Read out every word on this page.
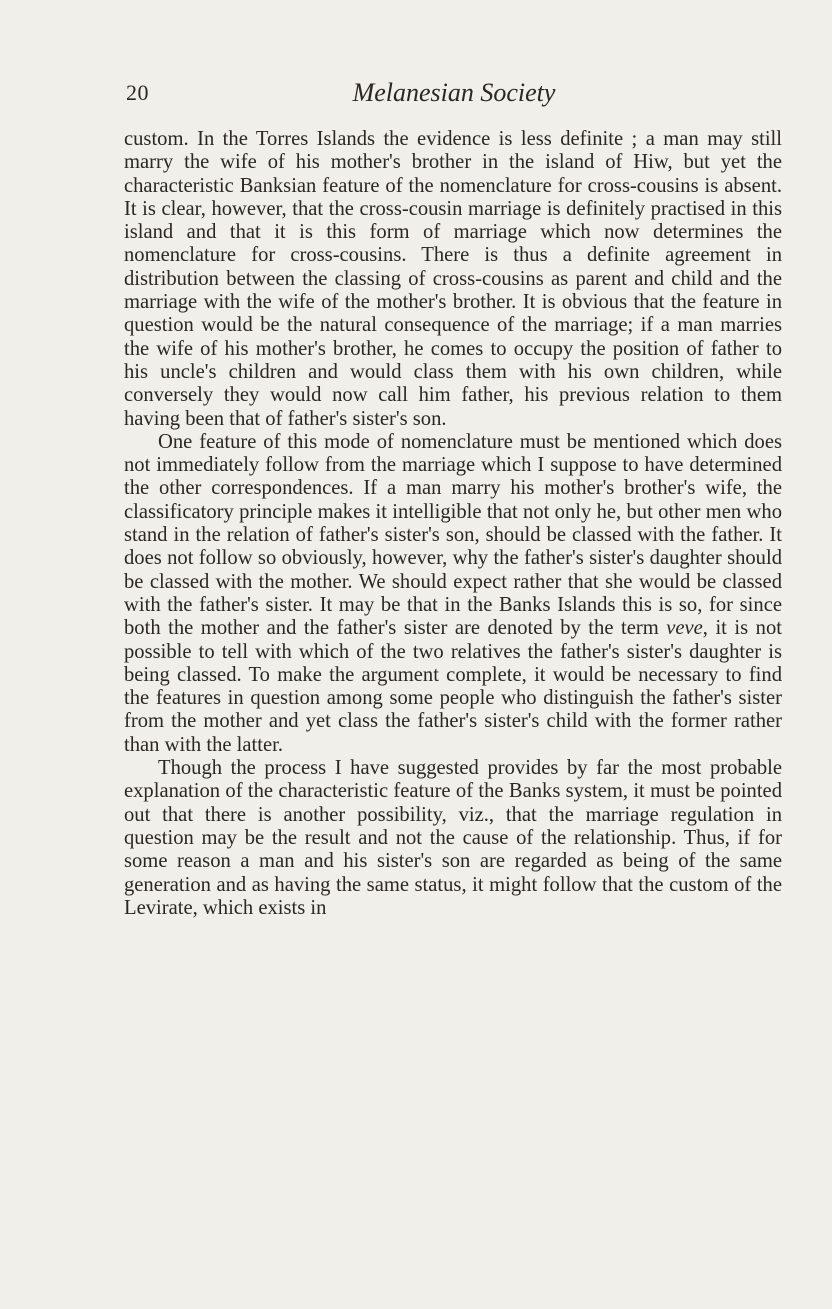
20	Melanesian Society

custom. In the Torres Islands the evidence is less definite ; a man may still marry the wife of his mother's brother in the island of Hiw, but yet the characteristic Banksian feature of the nomenclature for cross-cousins is absent. It is clear, however, that the cross-cousin marriage is definitely practised in this island and that it is this form of marriage which now determines the nomenclature for cross-cousins. There is thus a definite agreement in distribution between the classing of cross-cousins as parent and child and the marriage with the wife of the mother's brother. It is obvious that the feature in question would be the natural consequence of the marriage; if a man marries the wife of his mother's brother, he comes to occupy the position of father to his uncle's children and would class them with his own children, while conversely they would now call him father, his previous relation to them having been that of father's sister's son.

One feature of this mode of nomenclature must be mentioned which does not immediately follow from the marriage which I suppose to have determined the other correspondences. If a man marry his mother's brother's wife, the classificatory principle makes it intelligible that not only he, but other men who stand in the relation of father's sister's son, should be classed with the father. It does not follow so obviously, however, why the father's sister's daughter should be classed with the mother. We should expect rather that she would be classed with the father's sister. It may be that in the Banks Islands this is so, for since both the mother and the father's sister are denoted by the term veve, it is not possible to tell with which of the two relatives the father's sister's daughter is being classed. To make the argument complete, it would be necessary to find the features in question among some people who distinguish the father's sister from the mother and yet class the father's sister's child with the former rather than with the latter.

Though the process I have suggested provides by far the most probable explanation of the characteristic feature of the Banks system, it must be pointed out that there is another possibility, viz., that the marriage regulation in question may be the result and not the cause of the relationship. Thus, if for some reason a man and his sister's son are regarded as being of the same generation and as having the same status, it might follow that the custom of the Levirate, which exists in
